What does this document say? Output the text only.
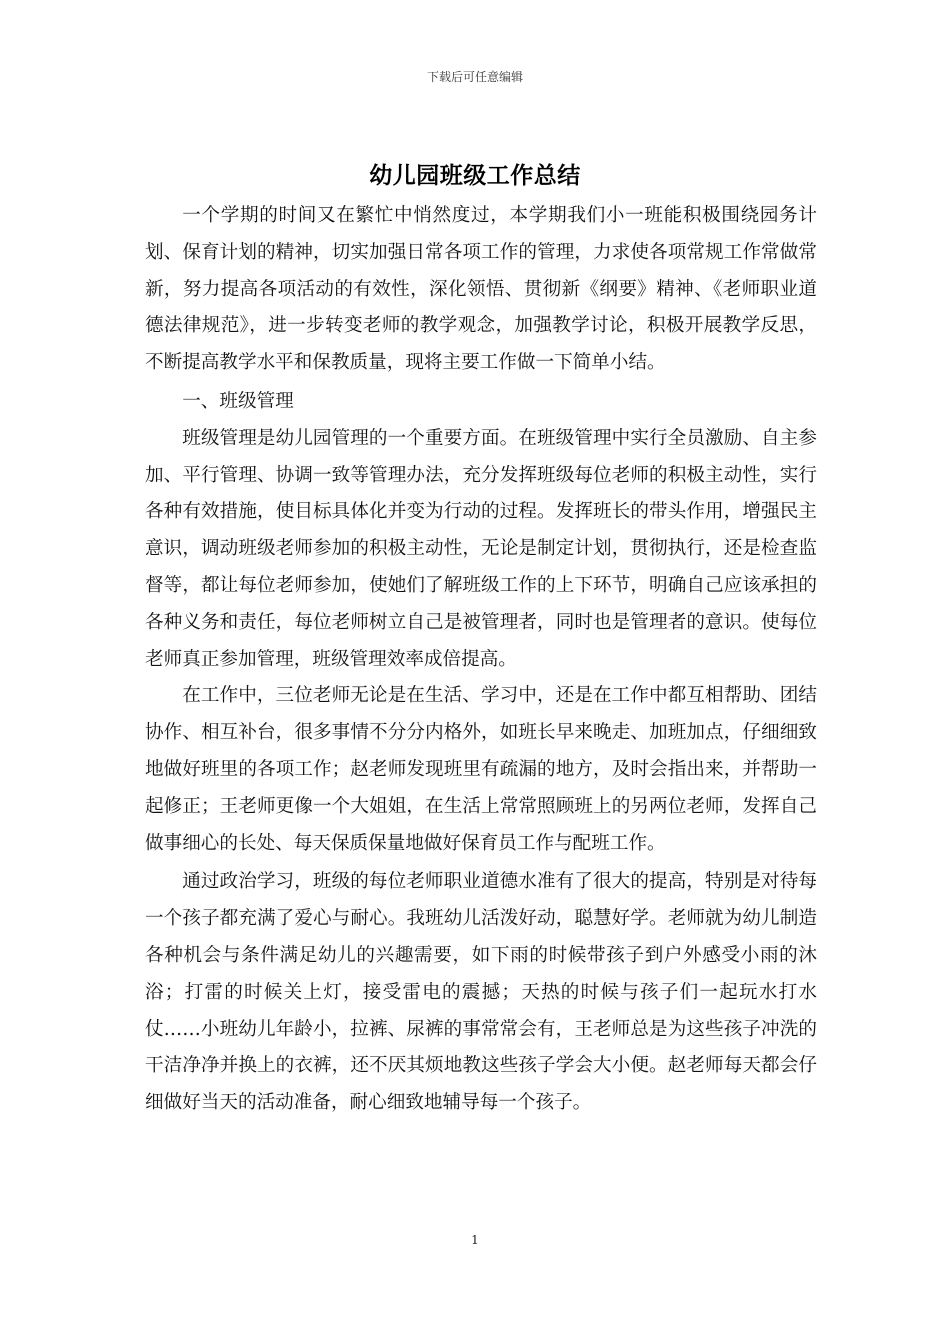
下载后可任意编辑
幼儿园班级工作总结

一个学期的时间又在繁忙中悄然度过，本学期我们小一班能积极围绕园务计划、保育计划的精神，切实加强日常各项工作的管理，力求使各项常规工作常做常新，努力提高各项活动的有效性，深化领悟、贯彻新《纲要》精神、《老师职业道德法律规范》，进一步转变老师的教学观念，加强教学讨论，积极开展教学反思，不断提高教学水平和保教质量，现将主要工作做一下简单小结。

一、班级管理

班级管理是幼儿园管理的一个重要方面。在班级管理中实行全员激励、自主参加、平行管理、协调一致等管理办法，充分发挥班级每位老师的积极主动性，实行各种有效措施，使目标具体化并变为行动的过程。发挥班长的带头作用，增强民主意识，调动班级老师参加的积极主动性，无论是制定计划，贯彻执行，还是检查监督等，都让每位老师参加，使她们了解班级工作的上下环节，明确自己应该承担的各种义务和责任，每位老师树立自己是被管理者，同时也是管理者的意识。使每位老师真正参加管理，班级管理效率成倍提高。

在工作中，三位老师无论是在生活、学习中，还是在工作中都互相帮助、团结协作、相互补台，很多事情不分分内格外，如班长早来晚走、加班加点，仔细细致地做好班里的各项工作；赵老师发现班里有疏漏的地方，及时会指出来，并帮助一起修正；王老师更像一个大姐姐，在生活上常常照顾班上的另两位老师，发挥自己做事细心的长处、每天保质保量地做好保育员工作与配班工作。

通过政治学习，班级的每位老师职业道德水准有了很大的提高，特别是对待每一个孩子都充满了爱心与耐心。我班幼儿活泼好动，聪慧好学。老师就为幼儿制造各种机会与条件满足幼儿的兴趣需要，如下雨的时候带孩子到户外感受小雨的沐浴；打雷的时候关上灯，接受雷电的震撼；天热的时候与孩子们一起玩水打水仗……小班幼儿年龄小，拉裤、尿裤的事常常会有，王老师总是为这些孩子冲洗的干洁净净并换上的衣裤，还不厌其烦地教这些孩子学会大小便。赵老师每天都会仔细做好当天的活动准备，耐心细致地辅导每一个孩子。

1
